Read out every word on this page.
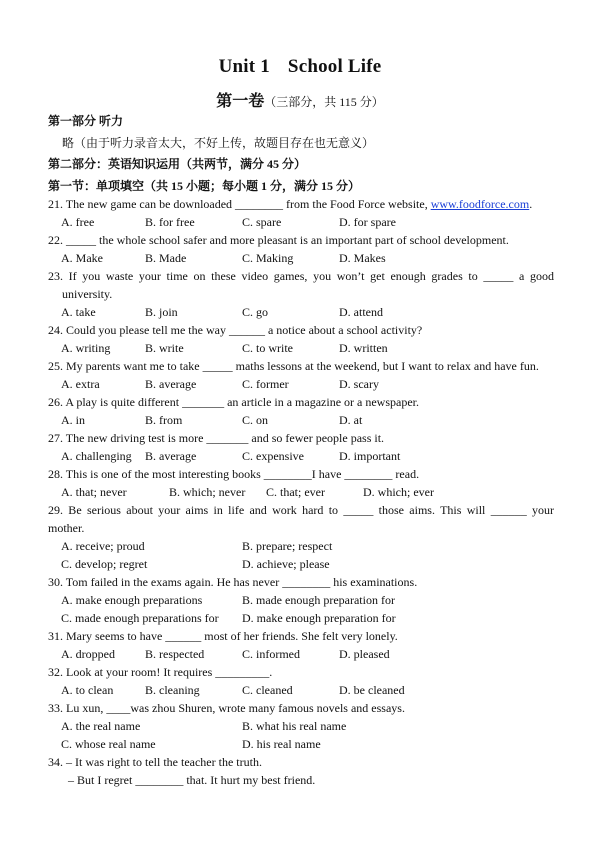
Unit 1 School Life
第一卷（三部分，共 115 分）
第一部分 听力
略（由于听力录音太大，不好上传，故题目存在也无意义）
第二部分：英语知识运用（共两节，满分 45 分）
第一节：单项填空（共 15 小题；每小题 1 分，满分 15 分）
21. The new game can be downloaded ________ from the Food Force website, www.foodforce.com.
A. free	B. for free	C. spare	D. for spare
22. _____ the whole school safer and more pleasant is an important part of school development.
A. Make	B. Made	C. Making	D. Makes
23. If you waste your time on these video games, you won’t get enough grades to _____ a good
university.
A. take	B. join	C. go	D. attend
24. Could you please tell me the way ______ a notice about a school activity?
A. writing	B. write	C. to write	D. written
25. My parents want me to take _____ maths lessons at the weekend, but I want to relax and have fun.
A. extra	B. average	C. former	D. scary
26. A play is quite different _______ an article in a magazine or a newspaper.
A. in	B. from	C. on	D. at
27. The new driving test is more _______ and so fewer people pass it.
A. challenging B. average	C. expensive	D. important
28. This is one of the most interesting books ________I have ________ read.
A. that; never	B. which; never C. that; ever	D. which; ever
29. Be serious about your aims in life and work hard to _____ those aims. This will ______ your
mother.
A. receive; proud	B. prepare; respect
C. develop; regret	D. achieve; please
30. Tom failed in the exams again. He has never ________ his examinations.
A. make enough preparations	B. made enough preparation for
C. made enough preparations for D. make enough preparation for
31. Mary seems to have ______ most of her friends. She felt very lonely.
A. dropped	B. respected	C. informed	D. pleased
32. Look at your room! It requires _________.
A. to clean	B. cleaning	C. cleaned	D. be cleaned
33. Lu xun, ____was zhou Shuren, wrote many famous novels and essays.
A. the real name	B. what his real name
C. whose real name	D. his real name
34. – It was right to tell the teacher the truth.
– But I regret ________ that. It hurt my best friend.
